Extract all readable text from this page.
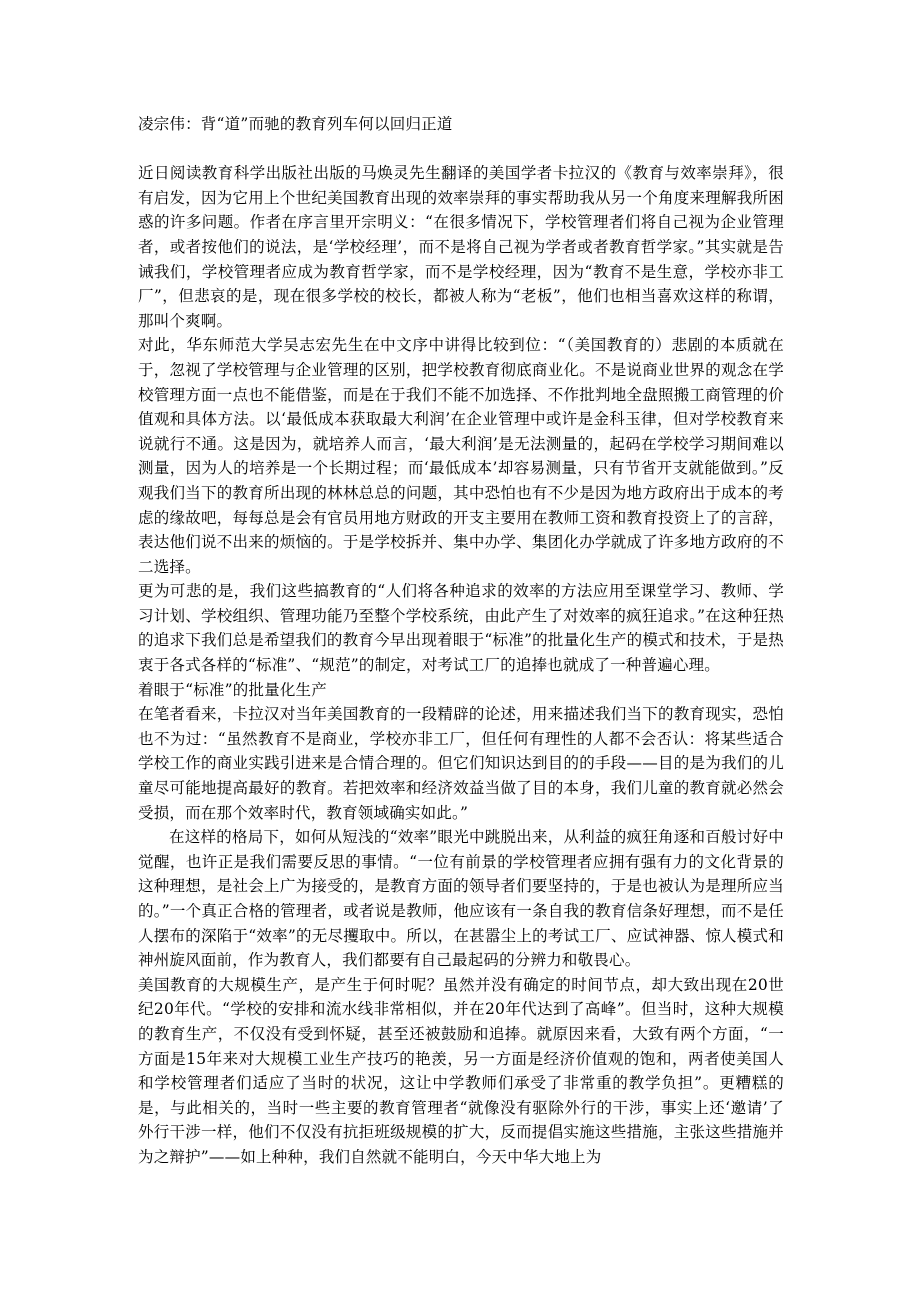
凌宗伟：背“道”而驰的教育列车何以回归正道

近日阅读教育科学出版社出版的马焕灵先生翻译的美国学者卡拉汉的《教育与效率崇拜》，很有启发，因为它用上个世纪美国教育出现的效率崇拜的事实帮助我从另一个角度来理解我所困惑的许多问题。作者在序言里开宗明义：“在很多情况下，学校管理者们将自己视为企业管理者，或者按他们的说法，是‘学校经理’，而不是将自己视为学者或者教育哲学家。”其实就是告诫我们，学校管理者应成为教育哲学家，而不是学校经理，因为“教育不是生意，学校亦非工厂”，但悲哀的是，现在很多学校的校长，都被人称为“老板”，他们也相当喜欢这样的称谓，那叫个爽啊。

对此，华东师范大学吴志宏先生在中文序中讲得比较到位：“（美国教育的）悲剧的本质就在于，忽视了学校管理与企业管理的区别，把学校教育彻底商业化。不是说商业世界的观念在学校管理方面一点也不能借鉴，而是在于我们不能不加选择、不作批判地全盘照搬工商管理的价值观和具体方法。以‘最低成本获取最大利润’在企业管理中或许是金科玉律，但对学校教育来说就行不通。这是因为，就培养人而言，‘最大利润’是无法测量的，起码在学校学习期间难以测量，因为人的培养是一个长期过程；而‘最低成本’却容易测量，只有节省开支就能做到。”反观我们当下的教育所出现的林林总总的问题，其中恐怕也有不少是因为地方政府出于成本的考虑的缘故吧，每每总是会有官员用地方财政的开支主要用在教师工资和教育投资上了的言辞，表达他们说不出来的烦恼的。于是学校拆并、集中办学、集团化办学就成了许多地方政府的不二选择。

更为可悲的是，我们这些搞教育的“人们将各种追求的效率的方法应用至课堂学习、教师、学习计划、学校组织、管理功能乃至整个学校系统，由此产生了对效率的疯狂追求。”在这种狂热的追求下我们总是希望我们的教育今早出现着眼于“标准”的批量化生产的模式和技术，于是热衷于各式各样的“标准”、“规范”的制定，对考试工厂的追捧也就成了一种普遍心理。

着眼于“标准”的批量化生产

在笔者看来，卡拉汉对当年美国教育的一段精辟的论述，用来描述我们当下的教育现实，恐怕也不为过：“虽然教育不是商业，学校亦非工厂，但任何有理性的人都不会否认：将某些适合学校工作的商业实践引进来是合情合理的。但它们知识达到目的的手段——目的是为我们的儿童尽可能地提高最好的教育。若把效率和经济效益当做了目的本身，我们儿童的教育就必然会受损，而在那个效率时代，教育领域确实如此。”

在这样的格局下，如何从短浅的“效率”眼光中跳脱出来，从利益的疯狂角逐和百般讨好中觉醒，也许正是我们需要反思的事情。“一位有前景的学校管理者应拥有强有力的文化背景的这种理想，是社会上广为接受的，是教育方面的领导者们要坚持的，于是也被认为是理所应当的。”一个真正合格的管理者，或者说是教师，他应该有一条自我的教育信条好理想，而不是任人摆布的深陷于“效率”的无尽攫取中。所以，在甚嚣尘上的考试工厂、应试神器、惊人模式和神州旋风面前，作为教育人，我们都要有自己最起码的分辨力和敬畏心。

美国教育的大规模生产，是产生于何时呢？虽然并没有确定的时间节点，却大致出现在20世纪20年代。“学校的安排和流水线非常相似，并在20年代达到了高峰”。但当时，这种大规模的教育生产，不仅没有受到怀疑，甚至还被鼓励和追捧。就原因来看，大致有两个方面，“一方面是15年来对大规模工业生产技巧的艳羡，另一方面是经济价值观的饱和，两者使美国人和学校管理者们适应了当时的状况，这让中学教师们承受了非常重的教学负担”。更糟糕的是，与此相关的，当时一些主要的教育管理者“就像没有驱除外行的干涉，事实上还‘邀请’了外行干涉一样，他们不仅没有抗拒班级规模的扩大，反而提倡实施这些措施，主张这些措施并为之辩护”——如上种种，我们自然就不能明白，今天中华大地上为
